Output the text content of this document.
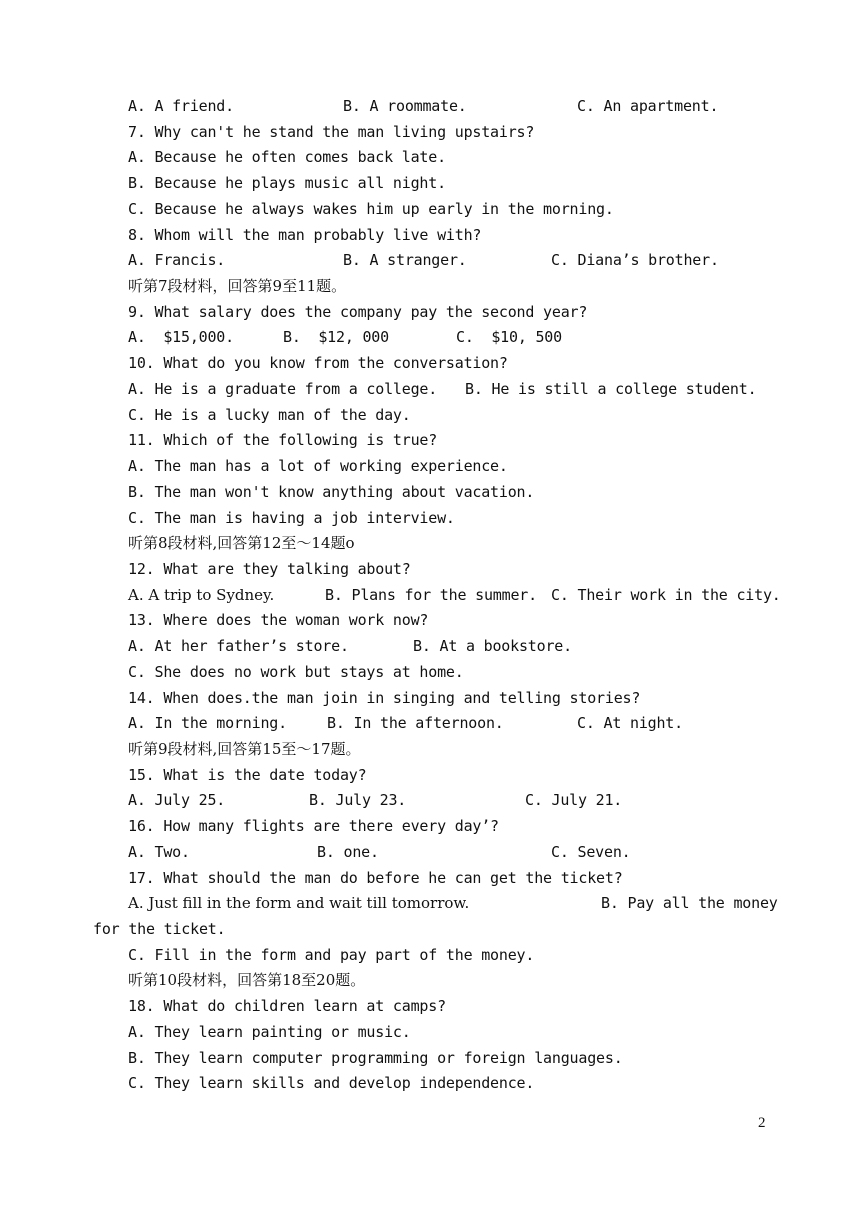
A. A friend.	B. A roommate.	C. An apartment.
7. Why can't he stand the man living upstairs?
A. Because he often comes back late.
B. Because he plays music all night.
C. Because he always wakes him up early in the morning.
8. Whom will the man probably live with?
A. Francis.	B. A stranger.	C. Diana’s brother.
听第7段材料，回答第9至11题。
9. What salary does the company pay the second year?
A.  $15,000.	B.  $12, 000	C.  $10, 500
10. What do you know from the conversation?
A. He is a graduate from a college. B. He is still a college student.
C. He is a lucky man of the day.
11. Which of the following is true?
A. The man has a lot of working experience.
B. The man won't know anything about vacation.
C. The man is having a job interview.
听第8段材料,回答第12至～14题o
12. What are they talking about?
A. A trip to Sydney.	B. Plans for the summer. C. Their work in the city.
13. Where does the woman work now?
A. At her father’s store.	B. At a bookstore.
C. She does no work but stays at home.
14. When does.the man join in singing and telling stories?
A. In the morning.	B. In the afternoon.	C. At night.
听第9段材料,回答第15至～17题。
15. What is the date today?
A. July 25.	B. July 23.	C. July 21.
16. How many flights are there every day’?
A. Two.	B. one.	C. Seven.
17. What should the man do before he can get the ticket?
A. Just fill in the form and wait till tomorrow.	B. Pay all the money
for the ticket.
C. Fill in the form and pay part of the money.
听第10段材料，回答第18至20题。
18. What do children learn at camps?
A. They learn painting or music.
B. They learn computer programming or foreign languages.
C. They learn skills and develop independence.
2
